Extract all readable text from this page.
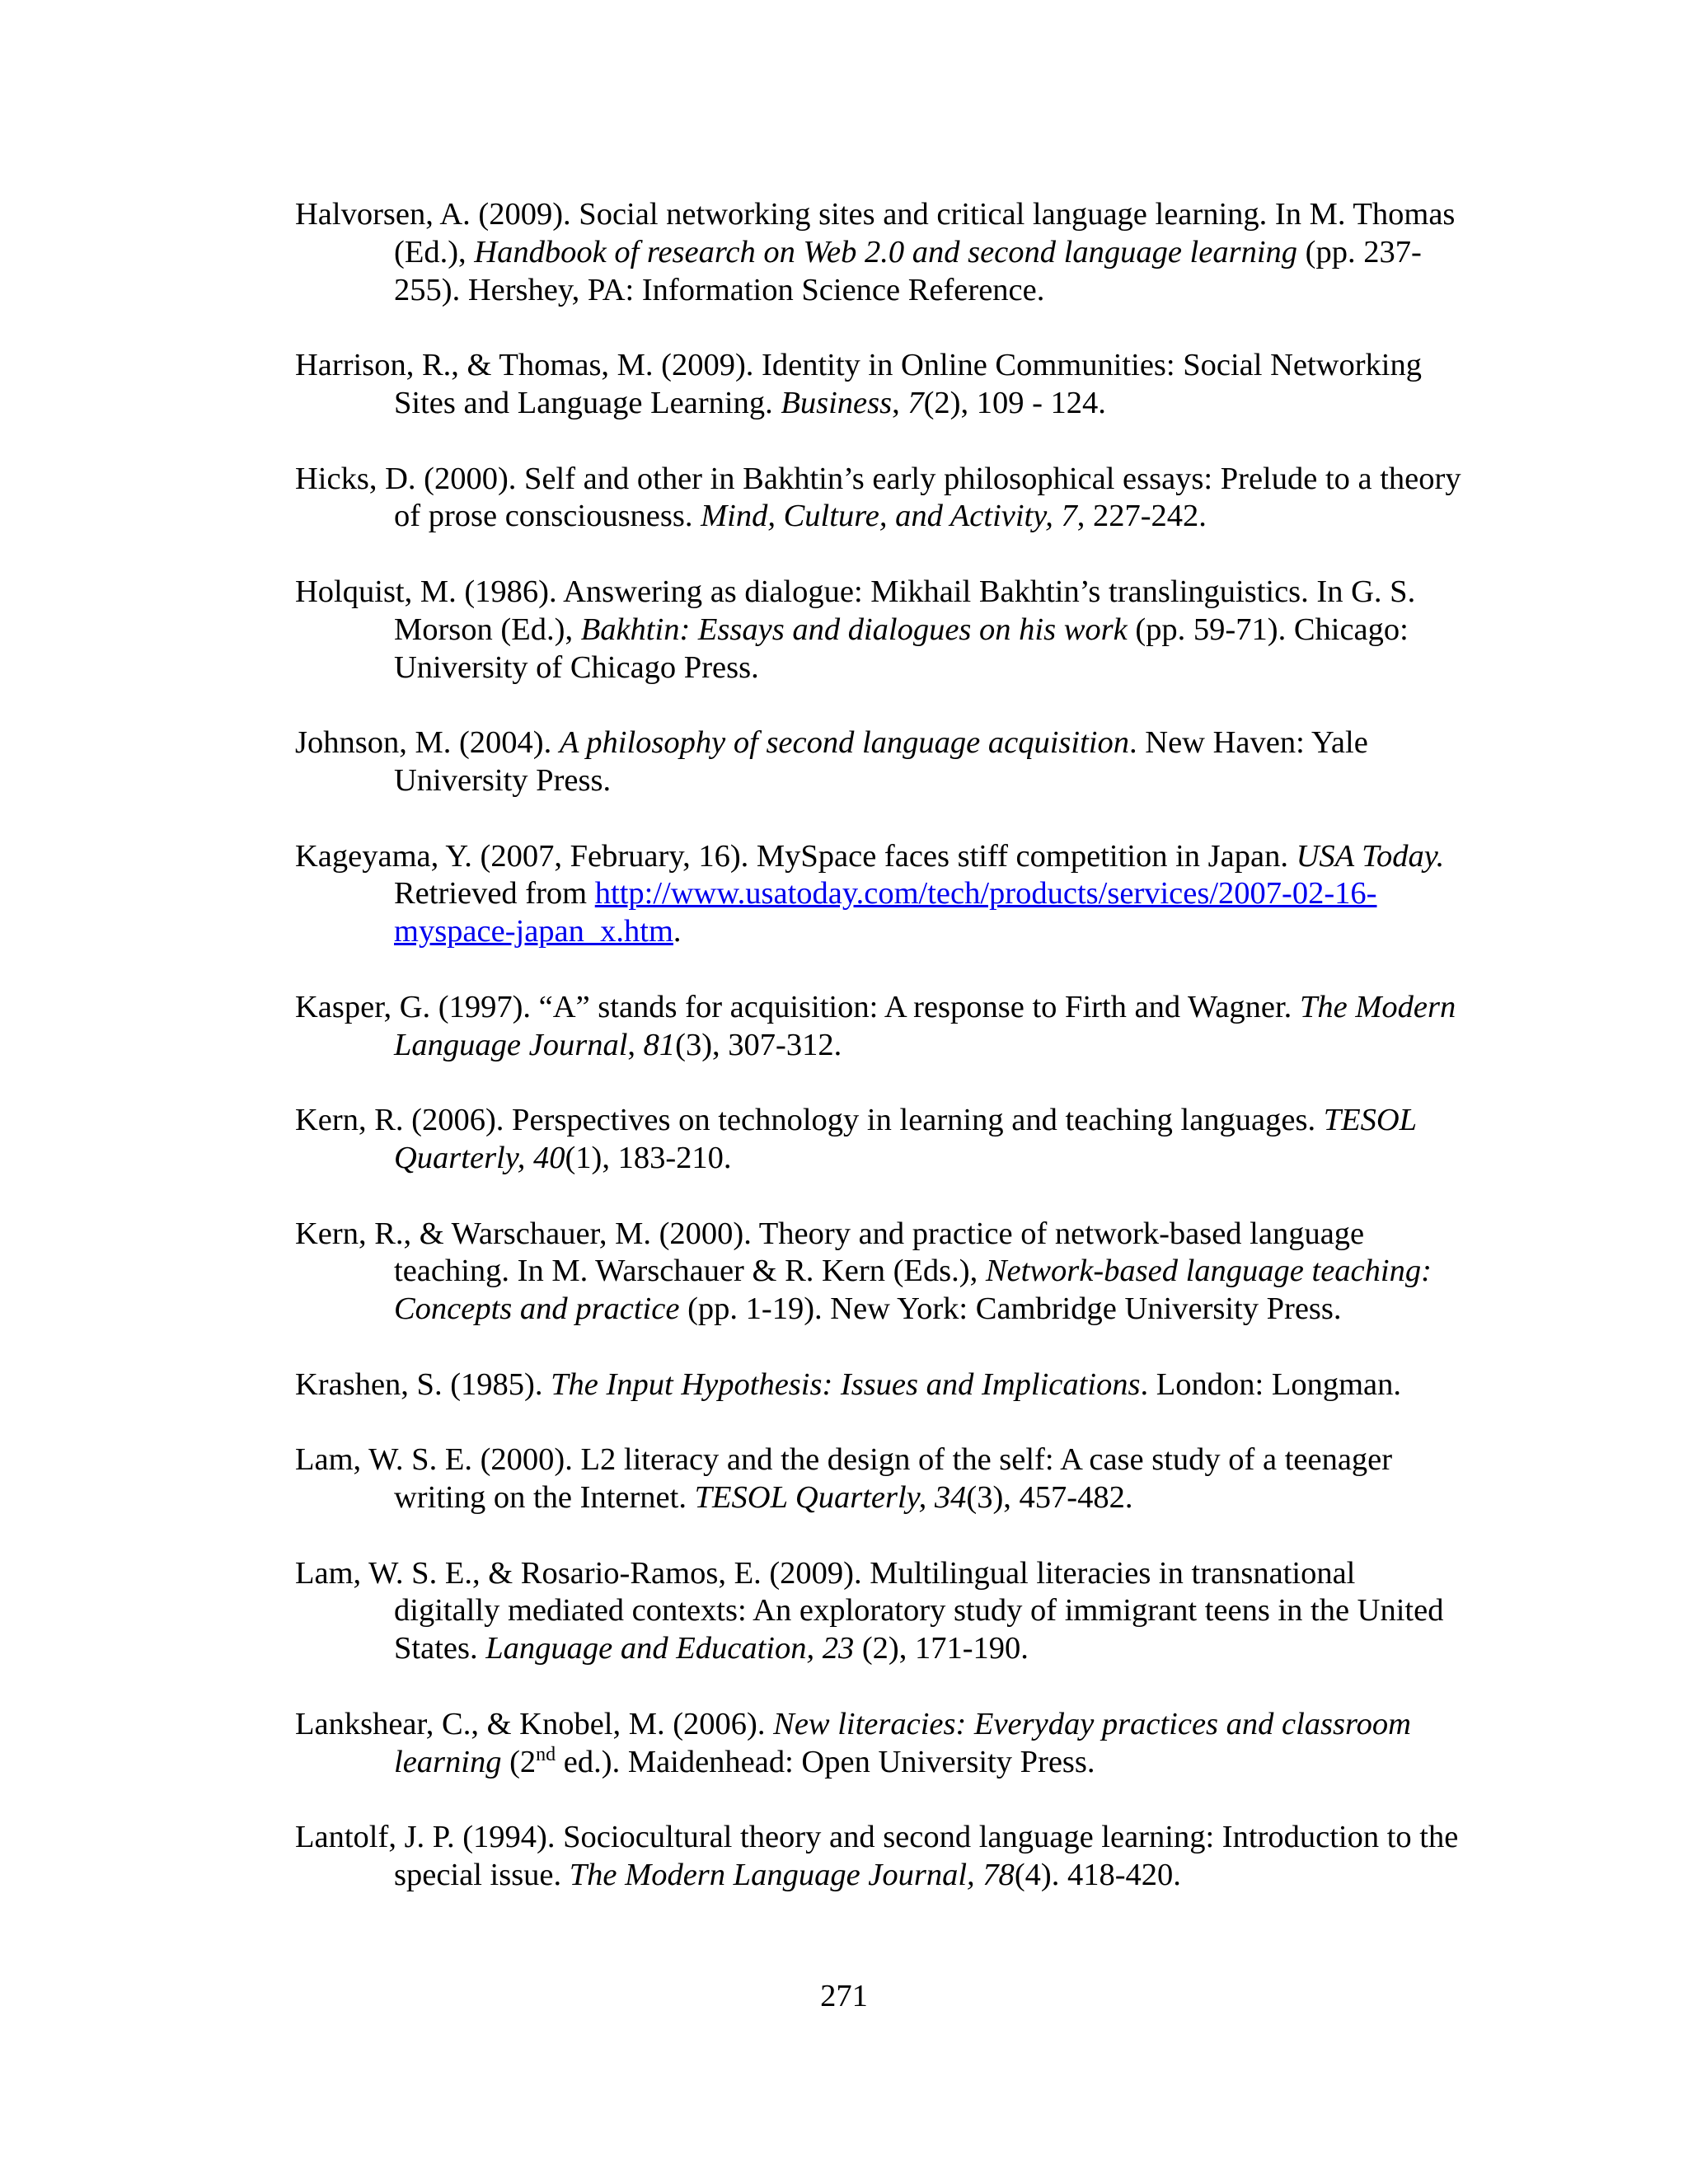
Halvorsen, A. (2009). Social networking sites and critical language learning. In M. Thomas (Ed.), Handbook of research on Web 2.0 and second language learning (pp. 237-255). Hershey, PA: Information Science Reference.

Harrison, R., & Thomas, M. (2009). Identity in Online Communities: Social Networking Sites and Language Learning. Business, 7(2), 109 - 124.

Hicks, D. (2000). Self and other in Bakhtin’s early philosophical essays: Prelude to a theory of prose consciousness. Mind, Culture, and Activity, 7, 227-242.

Holquist, M. (1986). Answering as dialogue: Mikhail Bakhtin’s translinguistics. In G. S. Morson (Ed.), Bakhtin: Essays and dialogues on his work (pp. 59-71). Chicago: University of Chicago Press.

Johnson, M. (2004). A philosophy of second language acquisition. New Haven: Yale University Press.

Kageyama, Y. (2007, February, 16). MySpace faces stiff competition in Japan. USA Today. Retrieved from http://www.usatoday.com/tech/products/services/2007-02-16-myspace-japan_x.htm.

Kasper, G. (1997). “A” stands for acquisition: A response to Firth and Wagner. The Modern Language Journal, 81(3), 307-312.

Kern, R. (2006). Perspectives on technology in learning and teaching languages. TESOL Quarterly, 40(1), 183-210.

Kern, R., & Warschauer, M. (2000). Theory and practice of network-based language teaching. In M. Warschauer & R. Kern (Eds.), Network-based language teaching: Concepts and practice (pp. 1-19). New York: Cambridge University Press.

Krashen, S. (1985). The Input Hypothesis: Issues and Implications. London: Longman.

Lam, W. S. E. (2000). L2 literacy and the design of the self: A case study of a teenager writing on the Internet. TESOL Quarterly, 34(3), 457-482.

Lam, W. S. E., & Rosario-Ramos, E. (2009). Multilingual literacies in transnational digitally mediated contexts: An exploratory study of immigrant teens in the United States. Language and Education, 23 (2), 171-190.

Lankshear, C., & Knobel, M. (2006). New literacies: Everyday practices and classroom learning (2nd ed.). Maidenhead: Open University Press.

Lantolf, J. P. (1994). Sociocultural theory and second language learning: Introduction to the special issue. The Modern Language Journal, 78(4). 418-420.

271
